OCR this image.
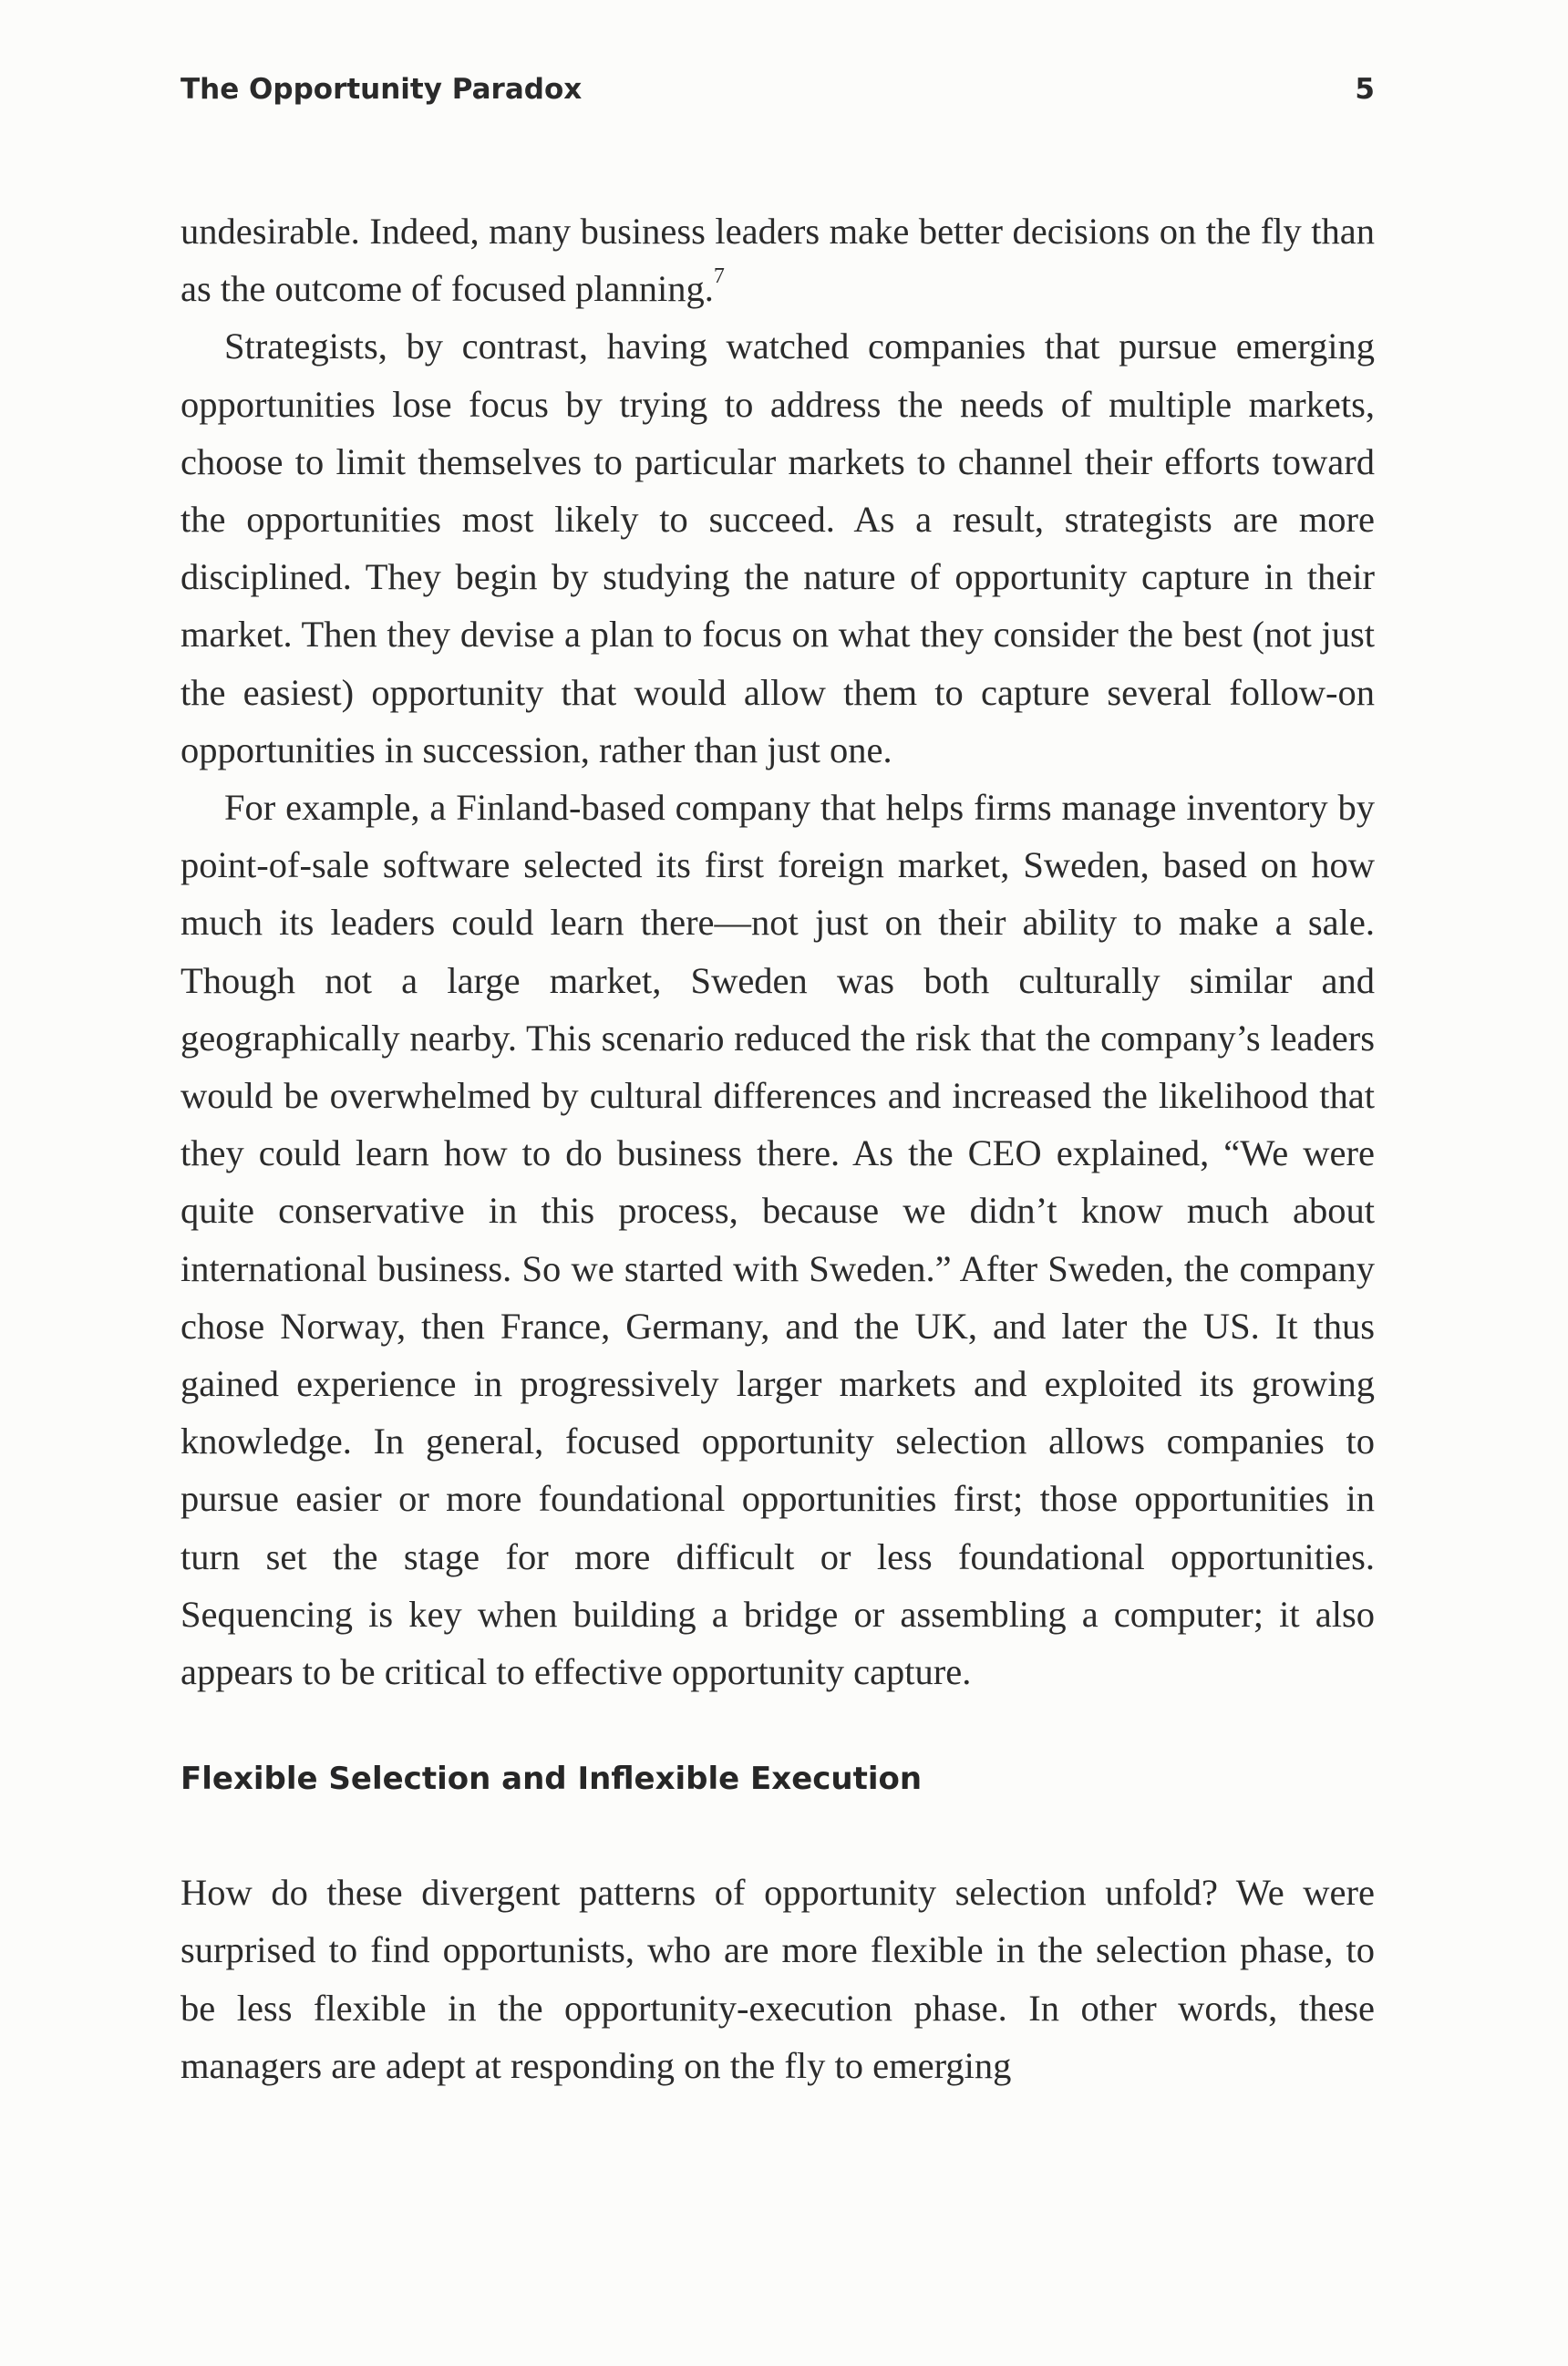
The Opportunity Paradox	5

undesirable. Indeed, many business leaders make better decisions on the fly than as the outcome of focused planning.$^7$

Strategists, by contrast, having watched companies that pursue emerging opportunities lose focus by trying to address the needs of multiple markets, choose to limit themselves to particular markets to channel their efforts toward the opportunities most likely to succeed. As a result, strategists are more disciplined. They begin by studying the nature of opportunity capture in their market. Then they devise a plan to focus on what they consider the best (not just the easiest) opportunity that would allow them to capture several follow-on opportunities in succession, rather than just one.

For example, a Finland-based company that helps firms manage inventory by point-of-sale software selected its first foreign market, Sweden, based on how much its leaders could learn there—not just on their ability to make a sale. Though not a large market, Sweden was both culturally similar and geographically nearby. This scenario reduced the risk that the company’s leaders would be overwhelmed by cultural differences and increased the likelihood that they could learn how to do business there. As the CEO explained, “We were quite conservative in this process, because we didn’t know much about international business. So we started with Sweden.” After Sweden, the company chose Norway, then France, Germany, and the UK, and later the US. It thus gained experience in progressively larger markets and exploited its growing knowledge. In general, focused opportunity selection allows companies to pursue easier or more foundational opportunities first; those opportunities in turn set the stage for more difficult or less foundational opportunities. Sequencing is key when building a bridge or assembling a computer; it also appears to be critical to effective opportunity capture.

Flexible Selection and Inflexible Execution

How do these divergent patterns of opportunity selection unfold? We were surprised to find opportunists, who are more flexible in the selection phase, to be less flexible in the opportunity-execution phase. In other words, these managers are adept at responding on the fly to emerging
